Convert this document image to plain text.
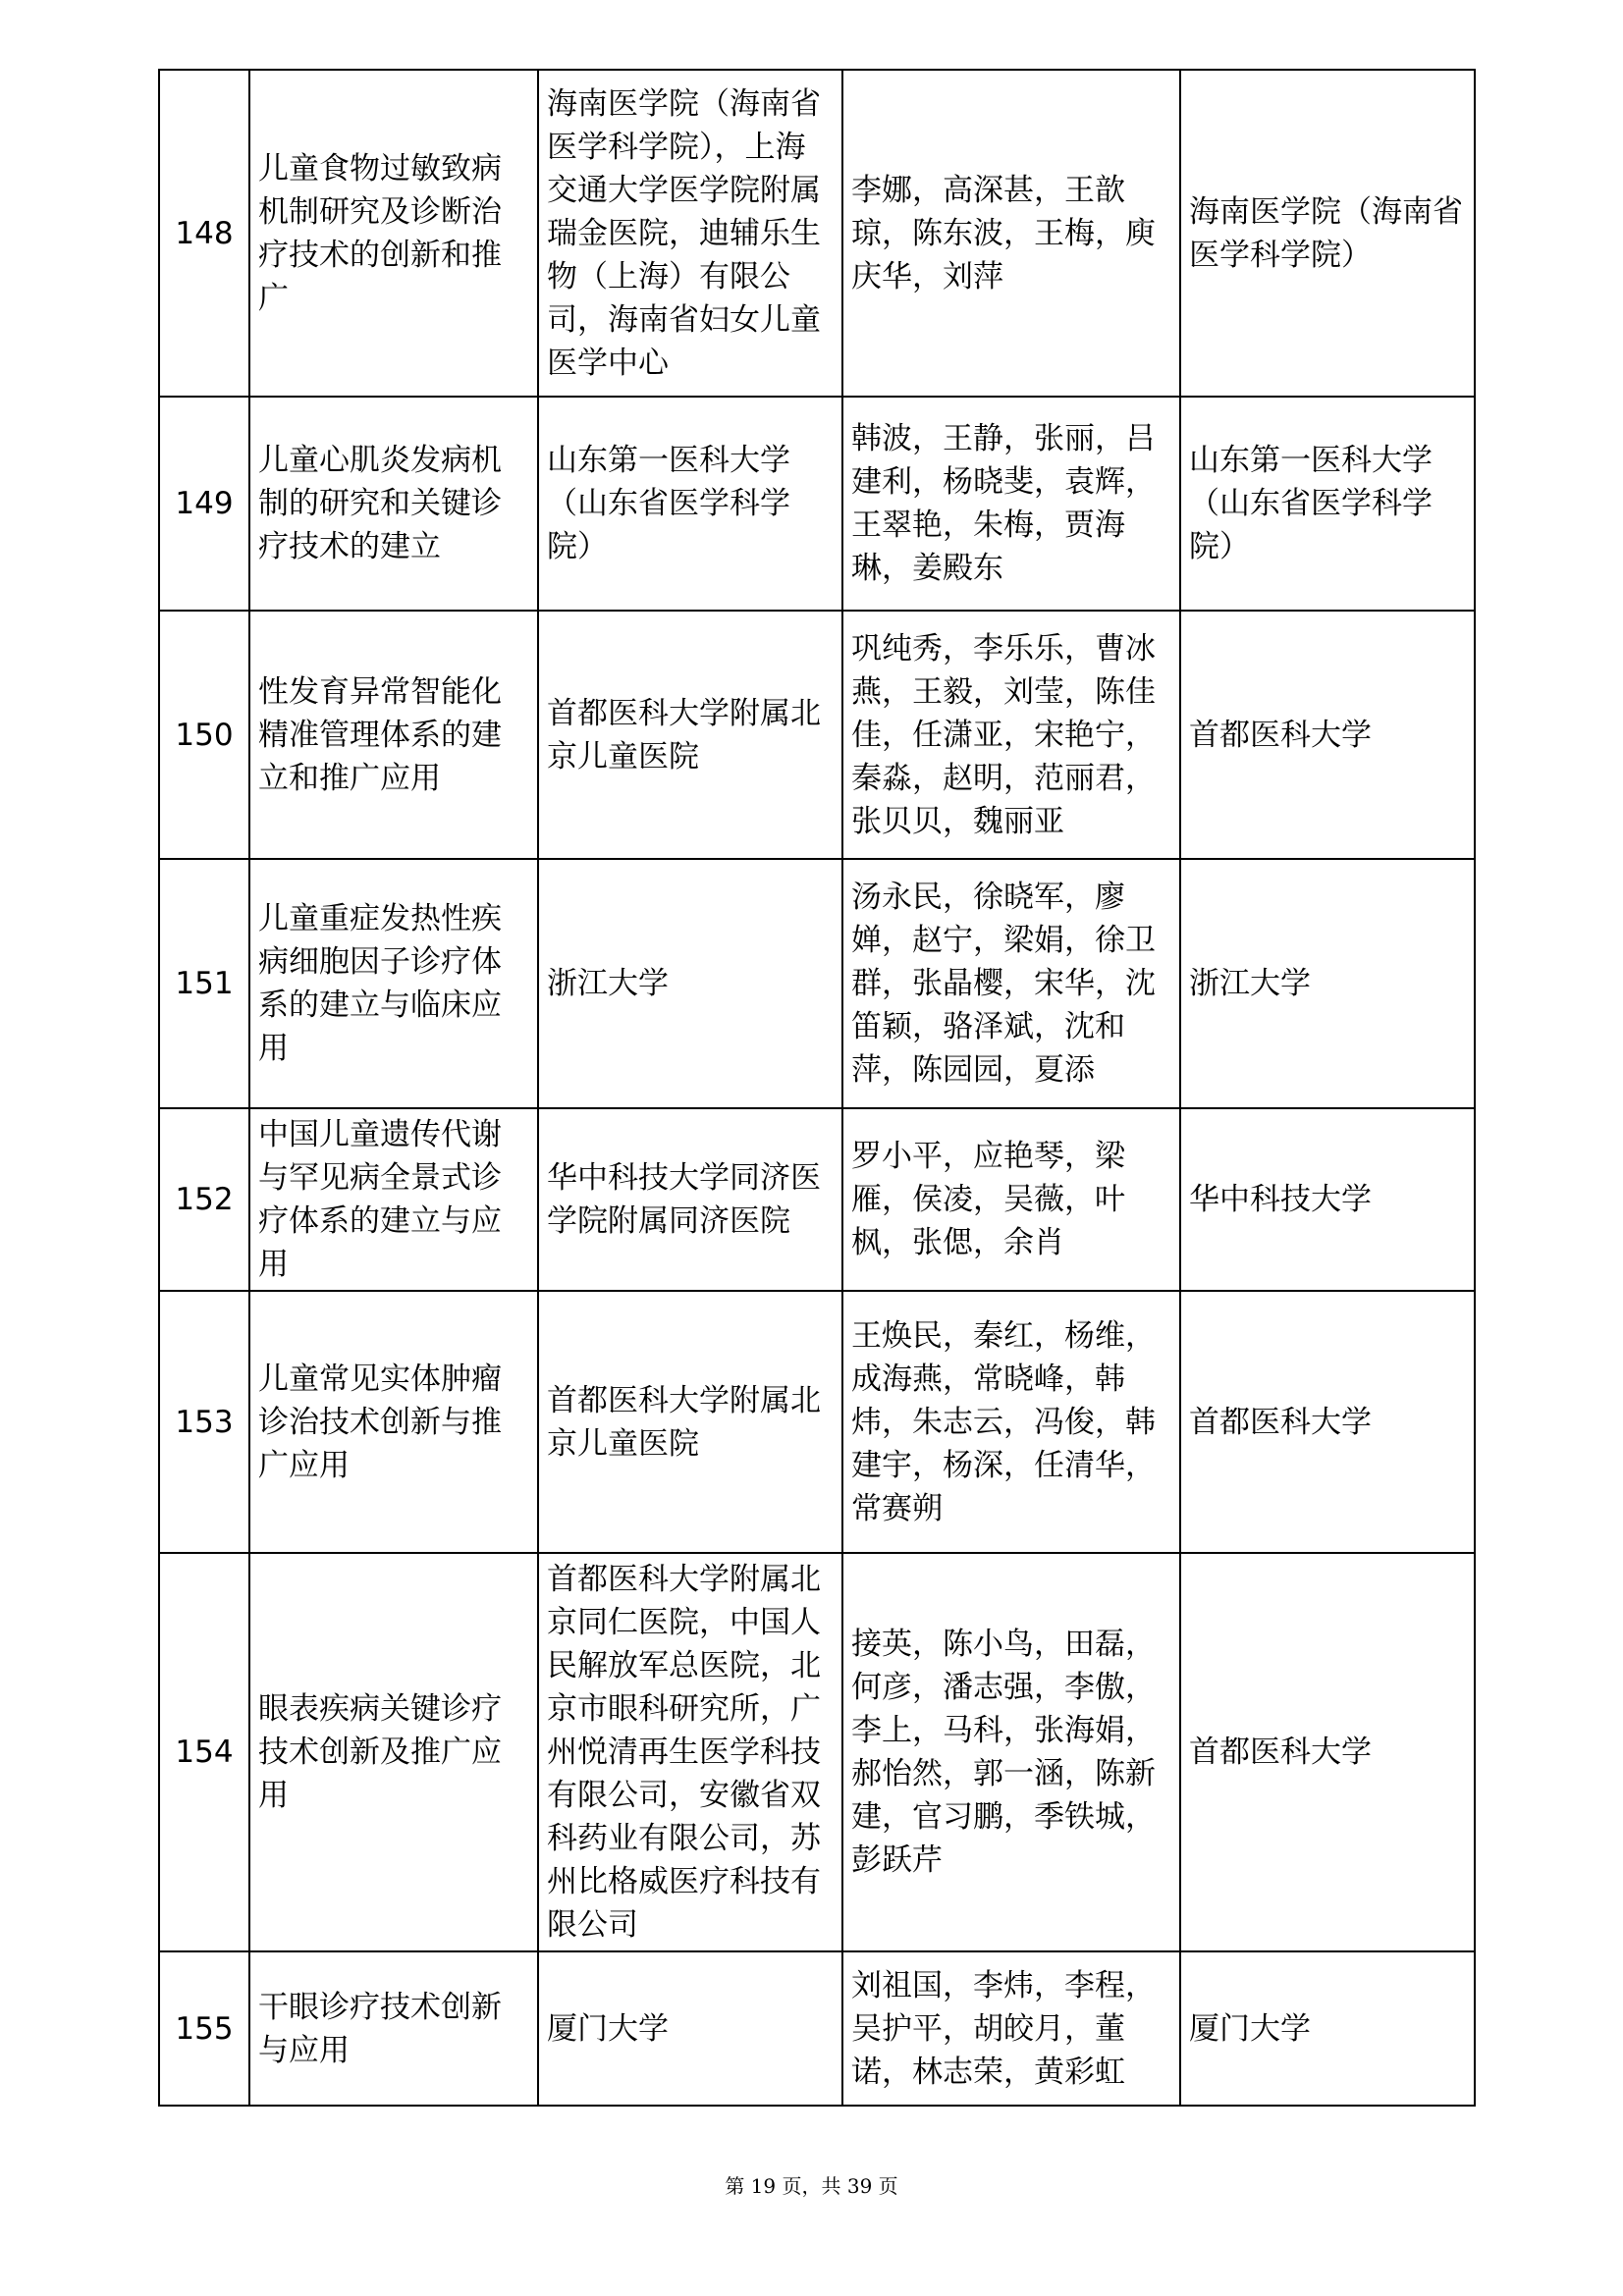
148	儿童食物过敏致病机制研究及诊断治疗技术的创新和推广	海南医学院（海南省医学科学院），上海交通大学医学院附属瑞金医院，迪辅乐生物（上海）有限公司，海南省妇女儿童医学中心	李娜，高深甚，王歆琼，陈东波，王梅，庾庆华，刘萍	海南医学院（海南省医学科学院）
149	儿童心肌炎发病机制的研究和关键诊疗技术的建立	山东第一医科大学（山东省医学科学院）	韩波，王静，张丽，吕建利，杨晓斐，袁辉，王翠艳，朱梅，贾海琳，姜殿东	山东第一医科大学（山东省医学科学院）
150	性发育异常智能化精准管理体系的建立和推广应用	首都医科大学附属北京儿童医院	巩纯秀，李乐乐，曹冰燕，王毅，刘莹，陈佳佳，任潇亚，宋艳宁，秦淼，赵明，范丽君，张贝贝，魏丽亚	首都医科大学
151	儿童重症发热性疾病细胞因子诊疗体系的建立与临床应用	浙江大学	汤永民，徐晓军，廖婵，赵宁，梁娟，徐卫群，张晶樱，宋华，沈笛颖，骆泽斌，沈和萍，陈园园，夏添	浙江大学
152	中国儿童遗传代谢与罕见病全景式诊疗体系的建立与应用	华中科技大学同济医学院附属同济医院	罗小平，应艳琴，梁雁，侯凌，吴薇，叶枫，张偲，余肖	华中科技大学
153	儿童常见实体肿瘤诊治技术创新与推广应用	首都医科大学附属北京儿童医院	王焕民，秦红，杨维，成海燕，常晓峰，韩炜，朱志云，冯俊，韩建宇，杨深，任清华，常赛朔	首都医科大学
154	眼表疾病关键诊疗技术创新及推广应用	首都医科大学附属北京同仁医院，中国人民解放军总医院，北京市眼科研究所，广州悦清再生医学科技有限公司，安徽省双科药业有限公司，苏州比格威医疗科技有限公司	接英，陈小鸟，田磊，何彦，潘志强，李傲，李上，马科，张海娟，郝怡然，郭一涵，陈新建，官习鹏，季铁城，彭跃芹	首都医科大学
155	干眼诊疗技术创新与应用	厦门大学	刘祖国，李炜，李程，吴护平，胡皎月，董诺，林志荣，黄彩虹	厦门大学
第 19 页，共 39 页
